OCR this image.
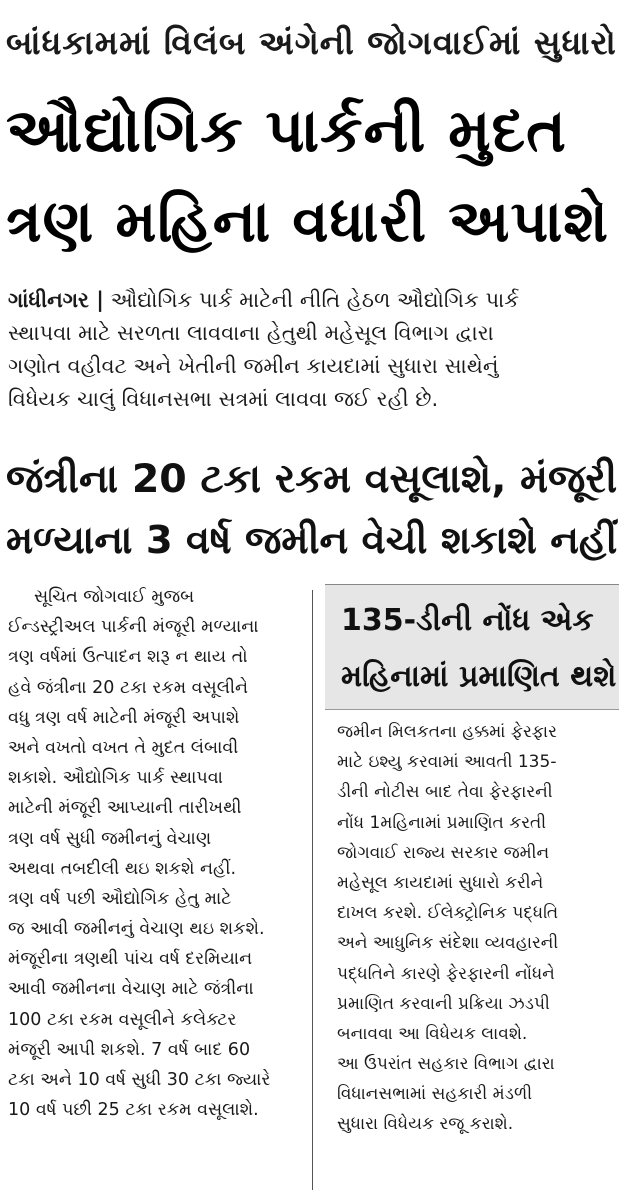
બાંધકામમાં વિલંબ અંગેની જોગવાઈમાં સુધારો
ઔદ્યોગિક પાર્કની મુદત
ત્રણ મહિના વધારી અપાશે
ગાંધીનગર | ઔદ્યોગિક પાર્ક માટેની નીતિ હેઠળ ઔદ્યોગિક પાર્ક
સ્થાપવા માટે સરળતા લાવવાના હેતુથી મહેસૂલ વિભાગ દ્વારા
ગણોત વહીવટ અને ખેતીની જમીન કાયદામાં સુધારા સાથેનું
વિધેયક ચાલું વિધાનસભા સત્રમાં લાવવા જઈ રહી છે.
જંત્રીના 20 ટકા રકમ વસૂલાશે, મંજૂરી
મળ્યાના 3 વર્ષ જમીન વેચી શકાશે નહીં
સૂચિત જોગવાઈ મુજબ
ઈન્ડસ્ટ્રીઅલ પાર્કની મંજૂરી મળ્યાના
ત્રણ વર્ષમાં ઉત્પાદન શરૂ ન થાય તો
હવે જંત્રીના 20 ટકા રકમ વસૂલીને
વધુ ત્રણ વર્ષ માટેની મંજૂરી અપાશે
અને વખતો વખત તે મુદત લંબાવી
શકાશે. ઔદ્યોગિક પાર્ક સ્થાપવા
માટેની મંજૂરી આપ્યાની તારીખથી
ત્રણ વર્ષ સુધી જમીનનું વેચાણ
અથવા તબદીલી થઇ શકશે નહીં.
ત્રણ વર્ષ પછી ઔદ્યોગિક હેતુ માટે
જ આવી જમીનનું વેચાણ થઇ શકશે.
મંજૂરીના ત્રણથી પાંચ વર્ષ દરમિયાન
આવી જમીનના વેચાણ માટે જંત્રીના
100 ટકા રકમ વસૂલીને કલેક્ટર
મંજૂરી આપી શકશે. 7 વર્ષ બાદ 60
ટકા અને 10 વર્ષ સુધી 30 ટકા જ્યારે
10 વર્ષ પછી 25 ટકા રકમ વસૂલાશે.
135-ડીની નોંધ એક
મહિનામાં પ્રમાણિત થશે
જમીન મિલકતના હક્કમાં ફેરફાર
માટે ઇશ્યુ કરવામાં આવતી 135-
ડીની નોટીસ બાદ તેવા ફેરફારની
નોંધ 1મહિનામાં પ્રમાણિત કરતી
જોગવાઈ રાજ્ય સરકાર જમીન
મહેસૂલ કાયદામાં સુધારો કરીને
દાખલ કરશે. ઈલેક્ટ્રોનિક પદ્ધતિ
અને આધુનિક સંદેશા વ્યવહારની
પદ્ધતિને કારણે ફેરફારની નોંધને
પ્રમાણિત કરવાની પ્રક્રિયા ઝડપી
બનાવવા આ વિધેયક લાવશે.
આ ઉપરાંત સહકાર વિભાગ દ્વારા
વિધાનસભામાં સહકારી મંડળી
સુધારા વિધેયક રજૂ કરાશે.
